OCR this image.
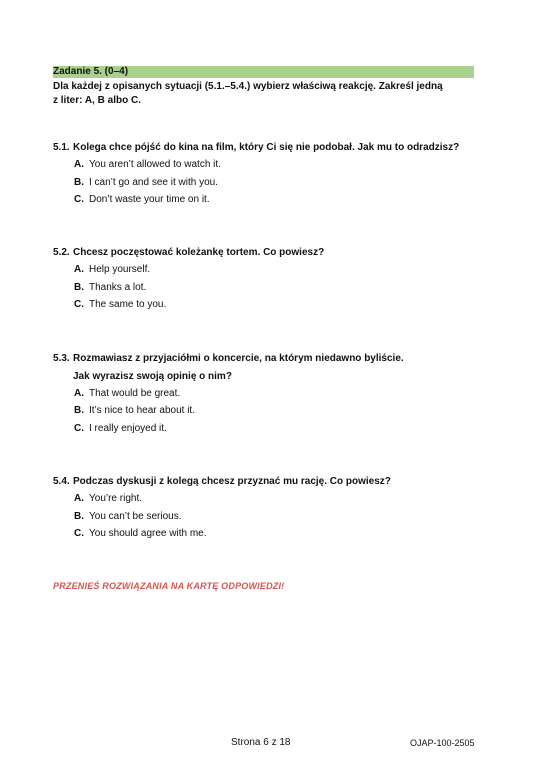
Zadanie 5. (0–4)
Dla każdej z opisanych sytuacji (5.1.–5.4.) wybierz właściwą reakcję. Zakreśl jedną
z liter: A, B albo C.
5.1. Kolega chce pójść do kina na film, który Ci się nie podobał. Jak mu to odradzisz?
A. You aren’t allowed to watch it.
B. I can’t go and see it with you.
C. Don’t waste your time on it.
5.2. Chcesz poczęstować koleżankę tortem. Co powiesz?
A. Help yourself.
B. Thanks a lot.
C. The same to you.
5.3. Rozmawiasz z przyjaciółmi o koncercie, na którym niedawno byliście.
Jak wyrazisz swoją opinię o nim?
A. That would be great.
B. It’s nice to hear about it.
C. I really enjoyed it.
5.4. Podczas dyskusji z kolegą chcesz przyznać mu rację. Co powiesz?
A. You’re right.
B. You can’t be serious.
C. You should agree with me.
PRZENIEŚ ROZWIĄZANIA NA KARTĘ ODPOWIEDZI!
Strona 6 z 18	OJAP-100-2505
